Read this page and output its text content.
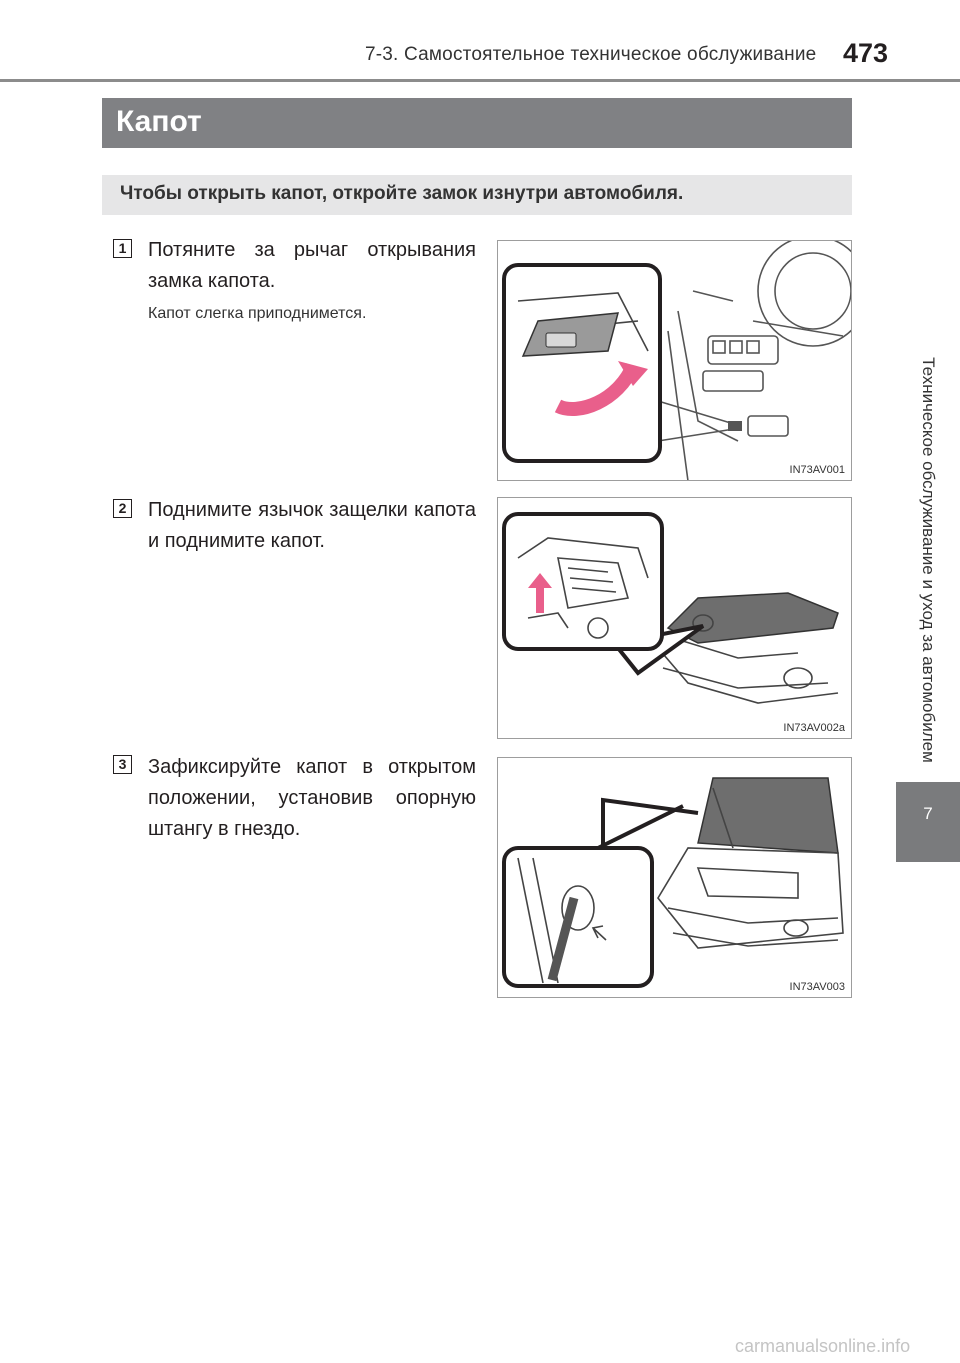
7-3. Самостоятельное техническое обслуживание 473
Техническое обслуживание и уход за автомобилем
7
Капот
Чтобы открыть капот, откройте замок изнутри автомобиля.
1 Потяните за рычаг открывания замка капота.
Капот слегка приподнимется.
IN73AV001
2 Поднимите язычок защелки капота и поднимите капот.
IN73AV002a
3 Зафиксируйте капот в открытом положении, установив опорную штангу в гнездо.
IN73AV003
carmanualsonline.info
